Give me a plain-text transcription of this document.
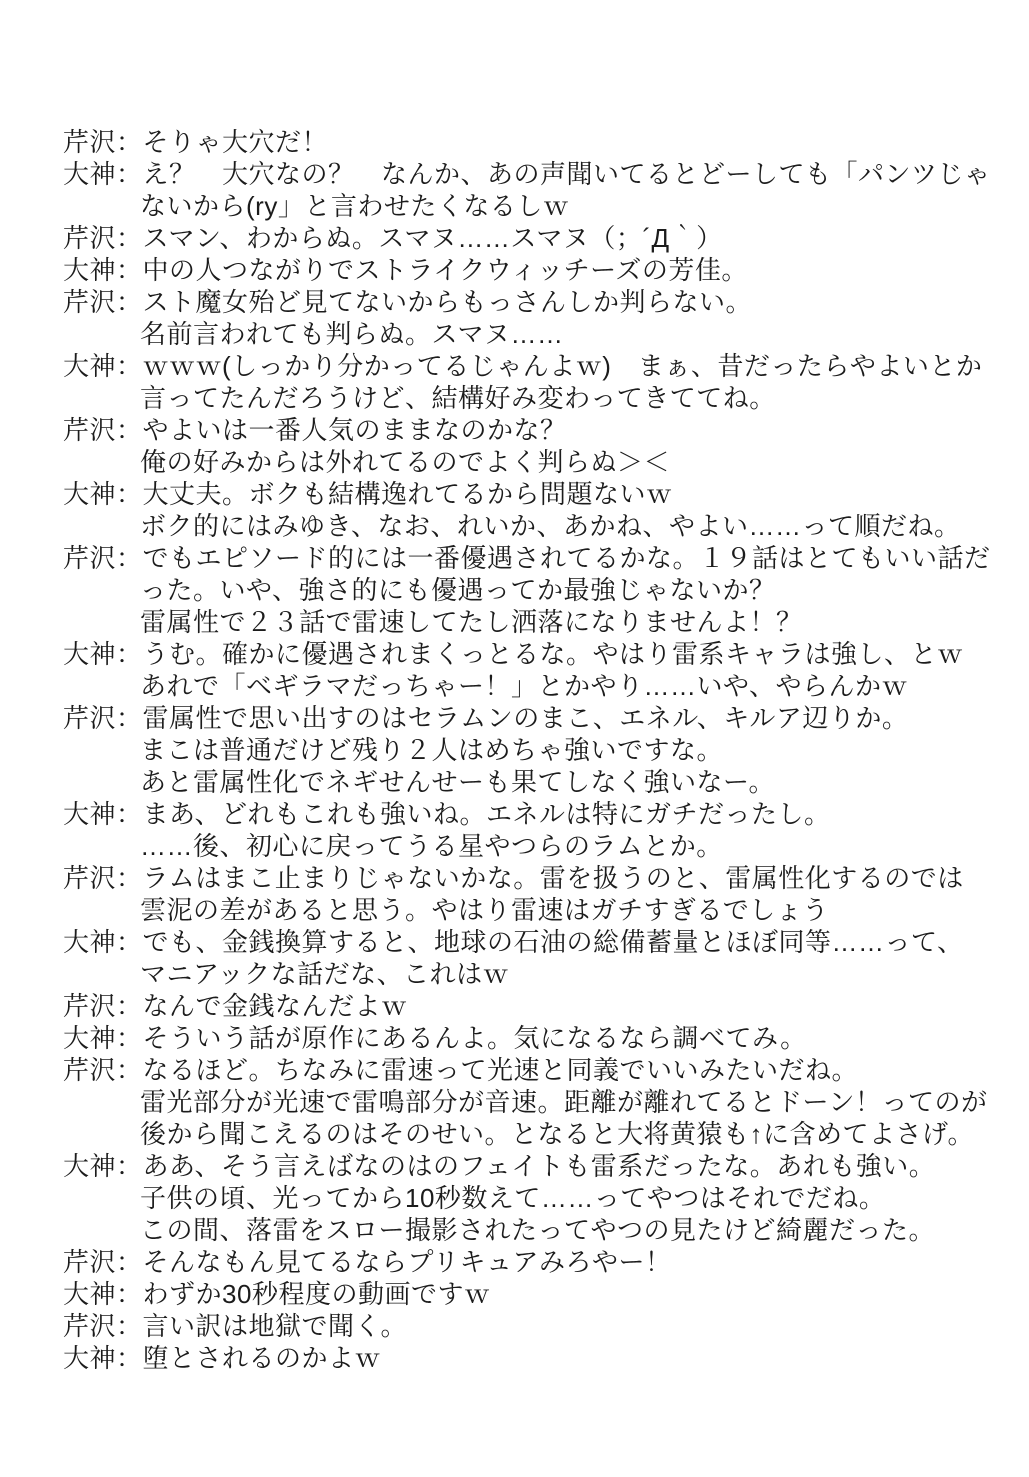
芹沢：そりゃ大穴だ！
大神：え？　大穴なの？　なんか、あの声聞いてるとどーしても「パンツじゃ
ないから(ry」と言わせたくなるしｗ
芹沢：スマン、わからぬ。スマヌ……スマヌ（；´Д｀）
大神：中の人つながりでストライクウィッチーズの芳佳。
芹沢：スト魔女殆ど見てないからもっさんしか判らない。
名前言われても判らぬ。スマヌ……
大神：ｗｗｗ(しっかり分かってるじゃんよｗ)　まぁ、昔だったらやよいとか
言ってたんだろうけど、結構好み変わってきててね。
芹沢：やよいは一番人気のままなのかな？
俺の好みからは外れてるのでよく判らぬ＞＜
大神：大丈夫。ボクも結構逸れてるから問題ないｗ
ボク的にはみゆき、なお、れいか、あかね、やよい……って順だね。
芹沢：でもエピソード的には一番優遇されてるかな。１９話はとてもいい話だ
った。いや、強さ的にも優遇ってか最強じゃないか？
雷属性で２３話で雷速してたし洒落になりませんよ！？
大神：うむ。確かに優遇されまくっとるな。やはり雷系キャラは強し、とｗ
あれで「ベギラマだっちゃー！」とかやり……いや、やらんかｗ
芹沢：雷属性で思い出すのはセラムンのまこ、エネル、キルア辺りか。
まこは普通だけど残り２人はめちゃ強いですな。
あと雷属性化でネギせんせーも果てしなく強いなー。
大神：まあ、どれもこれも強いね。エネルは特にガチだったし。
……後、初心に戻ってうる星やつらのラムとか。
芹沢：ラムはまこ止まりじゃないかな。雷を扱うのと、雷属性化するのでは
雲泥の差があると思う。やはり雷速はガチすぎるでしょう
大神：でも、金銭換算すると、地球の石油の総備蓄量とほぼ同等……って、
マニアックな話だな、これはｗ
芹沢：なんで金銭なんだよｗ
大神：そういう話が原作にあるんよ。気になるなら調べてみ。
芹沢：なるほど。ちなみに雷速って光速と同義でいいみたいだね。
雷光部分が光速で雷鳴部分が音速。距離が離れてるとドーン！ってのが
後から聞こえるのはそのせい。となると大将黄猿も↑に含めてよさげ。
大神：ああ、そう言えばなのはのフェイトも雷系だったな。あれも強い。
子供の頃、光ってから10秒数えて……ってやつはそれでだね。
この間、落雷をスロー撮影されたってやつの見たけど綺麗だった。
芹沢：そんなもん見てるならプリキュアみろやー！
大神：わずか30秒程度の動画ですｗ
芹沢：言い訳は地獄で聞く。
大神：堕とされるのかよｗ
